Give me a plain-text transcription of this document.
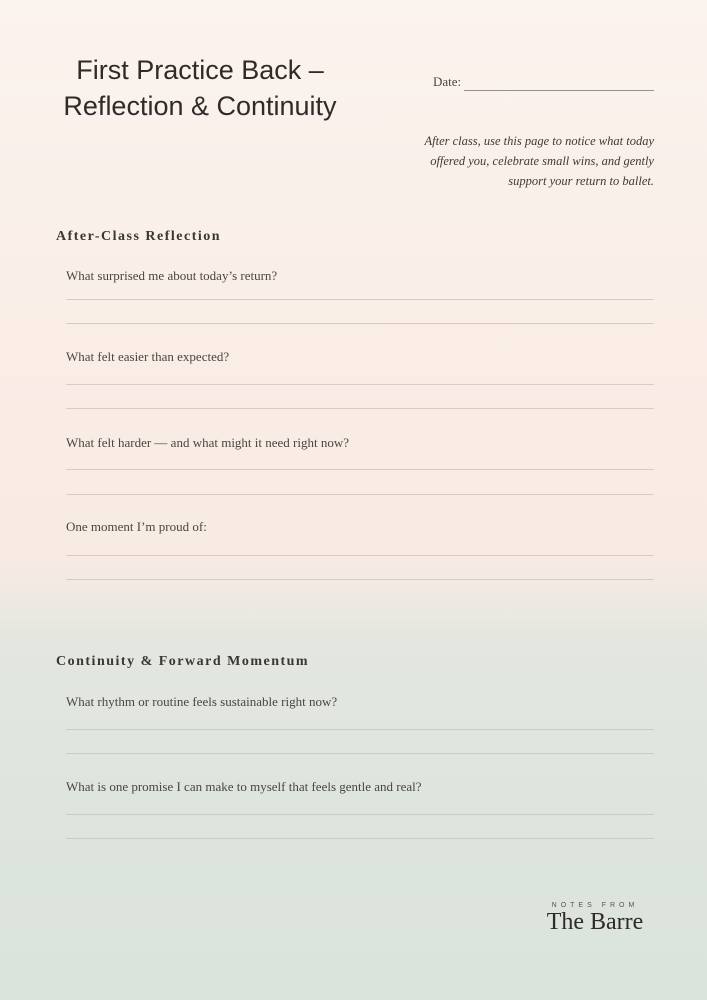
First Practice Back –
Reflection & Continuity
Date:
After class, use this page to notice what today offered you, celebrate small wins, and gently support your return to ballet.
After-Class Reflection
What surprised me about today’s return?
What felt easier than expected?
What felt harder — and what might it need right now?
One moment I’m proud of:
Continuity & Forward Momentum
What rhythm or routine feels sustainable right now?
What is one promise I can make to myself that feels gentle and real?
NOTES FROM
The Barre
